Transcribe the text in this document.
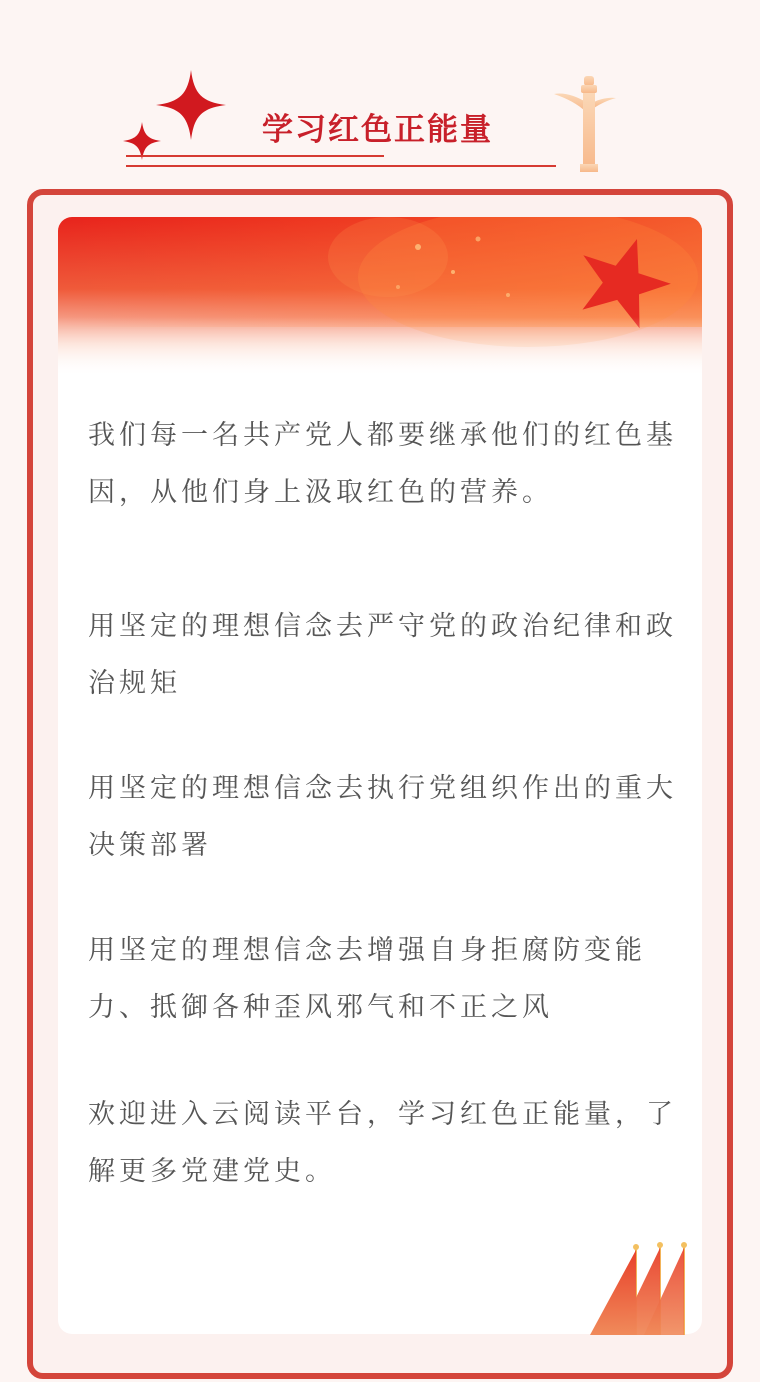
学习红色正能量

我们每一名共产党人都要继承他们的红色基因，从他们身上汲取红色的营养。

用坚定的理想信念去严守党的政治纪律和政治规矩

用坚定的理想信念去执行党组织作出的重大决策部署

用坚定的理想信念去增强自身拒腐防变能力、抵御各种歪风邪气和不正之风

欢迎进入云阅读平台，学习红色正能量，了解更多党建党史。
